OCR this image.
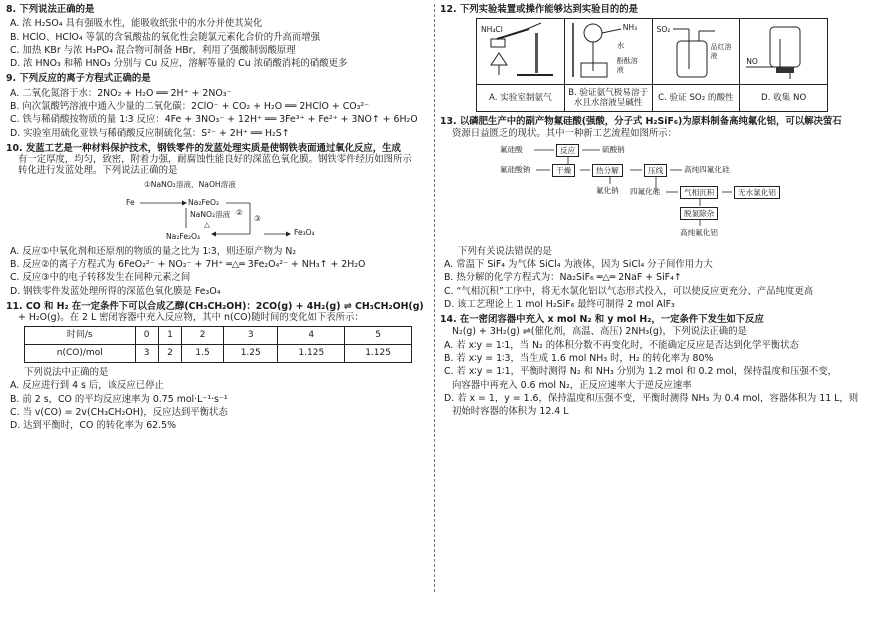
8. 下列说法正确的是
A. 浓 H₂SO₄ 具有强吸水性，能吸收纸张中的水分并使其炭化
B. HClO、HClO₄ 等氯的含氧酸盐的氧化性会随氯元素化合价的升高而增强
C. 加热 KBr 与浓 H₃PO₄ 混合物可制备 HBr，利用了强酸制弱酸原理
D. 浓 HNO₃ 和稀 HNO₃ 分别与 Cu 反应，溶解等量的 Cu 浓硝酸消耗的硝酸更多
9. 下列反应的离子方程式正确的是
A. 二氧化氮溶于水：2NO₂ + H₂O ══ 2H⁺ + 2NO₃⁻
B. 向次氯酸钙溶液中通入少量的二氧化碳：2ClO⁻ + CO₂ + H₂O ══ 2HClO + CO₃²⁻
C. 铁与稀硝酸按物质的量 1∶3 反应：4Fe + 3NO₃⁻ + 12H⁺ ══ 3Fe³⁺ + Fe²⁺ + 3NO↑ + 6H₂O
D. 实验室用硫化亚铁与稀硝酸反应制硫化氢：S²⁻ + 2H⁺ ══ H₂S↑
10. 发蓝工艺是一种材料保护技术，钢铁零件的发蓝处理实质是使钢铁表面通过氧化反应，生成
有一定厚度，均匀，致密，附着力强，耐腐蚀性能良好的深蓝色氧化膜。钢铁零件经历如图所示
转化进行发蓝处理。下列说法正确的是
①NaNO₂溶液、NaOH溶液
Fe	Na₂FeO₂
②
NaNO₂溶液
△
③
Fe₃O₄
Na₂Fe₂O₄
A. 反应①中氧化剂和还原剂的物质的量之比为 1∶3，则还原产物为 N₂
B. 反应②的离子方程式为 6FeO₂²⁻ + NO₂⁻ + 7H⁺ ═△═ 3Fe₂O₄²⁻ + NH₃↑ + 2H₂O
C. 反应③中的电子转移发生在同种元素之间
D. 钢铁零件发蓝处理所得的深蓝色氧化膜是 Fe₃O₄
11. CO 和 H₂ 在一定条件下可以合成乙醇(CH₃CH₂OH)：2CO(g) + 4H₂(g) ⇌ CH₃CH₂OH(g)
+ H₂O(g)。在 2 L 密闭容器中充入反应物，其中 n(CO)随时间的变化如下表所示：
时间/s	0	1	2	3	4	5
n(CO)/mol	3	2	1.5	1.25	1.125	1.125
下列说法中正确的是
A. 反应进行到 4 s 后，该反应已停止
B. 前 2 s，CO 的平均反应速率为 0.75 mol·L⁻¹·s⁻¹
C. 当 v(CO) = 2v(CH₃CH₂OH)，反应达到平衡状态
D. 达到平衡时，CO 的转化率为 62.5%
12. 下列实验装置或操作能够达到实验目的的是
NH₄Cl
A. 实验室制氨气
NH₃
水
酚酞溶液
B. 验证氨气极易溶于水且水溶液呈碱性
SO₂
品红溶液
C. 验证 SO₂ 的酸性
NO
D. 收集 NO
13. 以磷肥生产中的副产物氟硅酸(强酸，分子式 H₂SiF₆)为原料制备高纯氟化铝，可以解决萤石
资源日益匮乏的现状。其中一种新工艺流程如图所示：
氟硅酸	反应	硫酸钠
氟硅酸钠	干燥	热分解	压线	高纯四氟化硅
氟化钠 四氟化硅	气相沉积	无水氯化铝
脱氯除杂
高纯氟化铝
下列有关说法错误的是
A. 常温下 SiF₄ 为气体 SiCl₄ 为液体，因为 SiCl₄ 分子间作用力大
B. 热分解的化学方程式为：Na₂SiF₆ ═△═ 2NaF + SiF₄↑
C. “气相沉积”工序中，将无水氯化铝以气态形式投入，可以使反应更充分、产品纯度更高
D. 该工艺理论上 1 mol H₂SiF₆ 最终可制得 2 mol AlF₃
14. 在一密闭容器中充入 x mol N₂ 和 y mol H₂，一定条件下发生如下反应
N₂(g) + 3H₂(g) ⇌(催化剂，高温、高压) 2NH₃(g)，下列说法正确的是
A. 若 x∶y = 1∶1，当 N₂ 的体积分数不再变化时，不能确定反应是否达到化学平衡状态
B. 若 x∶y = 1∶3，当生成 1.6 mol NH₃ 时，H₂ 的转化率为 80%
C. 若 x∶y = 1∶1，平衡时测得 N₂ 和 NH₃ 分别为 1.2 mol 和 0.2 mol，保持温度和压强不变，
向容器中再充入 0.6 mol N₂，正反应速率大于逆反应速率
D. 若 x = 1，y = 1.6，保持温度和压强不变，平衡时测得 NH₃ 为 0.4 mol，容器体积为 11 L，则
初始时容器的体积为 12.4 L
